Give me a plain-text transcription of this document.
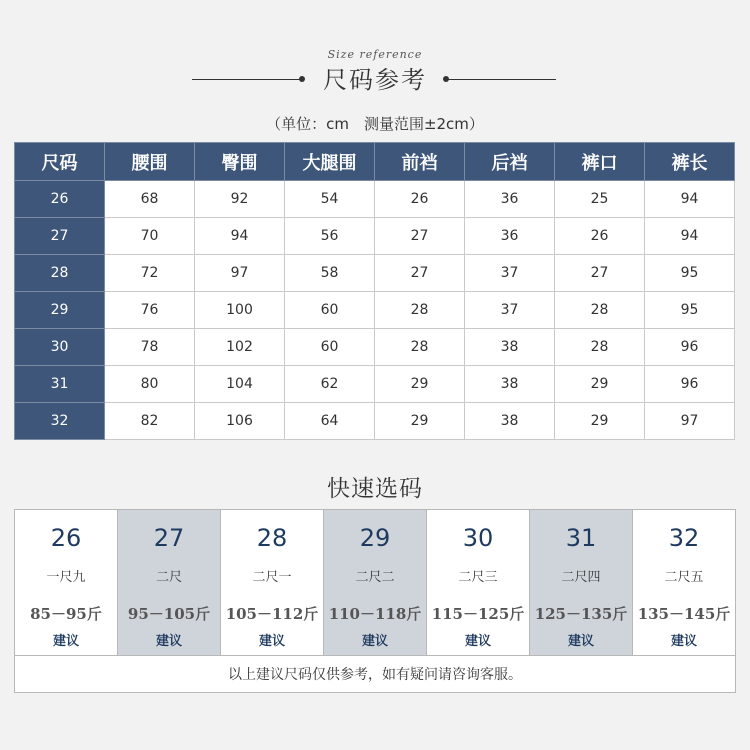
Size reference
尺码参考
（单位：cm　测量范围±2cm）
尺码	腰围	臀围	大腿围	前裆	后裆	裤口	裤长
26	68	92	54	26	36	25	94
27	70	94	56	27	36	26	94
28	72	97	58	27	37	27	95
29	76	100	60	28	37	28	95
30	78	102	60	28	38	28	96
31	80	104	62	29	38	29	96
32	82	106	64	29	38	29	97
快速选码
26
一尺九
85－95斤
建议

27
二尺
95－105斤
建议

28
二尺一
105－112斤
建议

29
二尺二
110－118斤
建议

30
二尺三
115－125斤
建议

31
二尺四
125－135斤
建议

32
二尺五
135－145斤
建议

以上建议尺码仅供参考，如有疑问请咨询客服。
